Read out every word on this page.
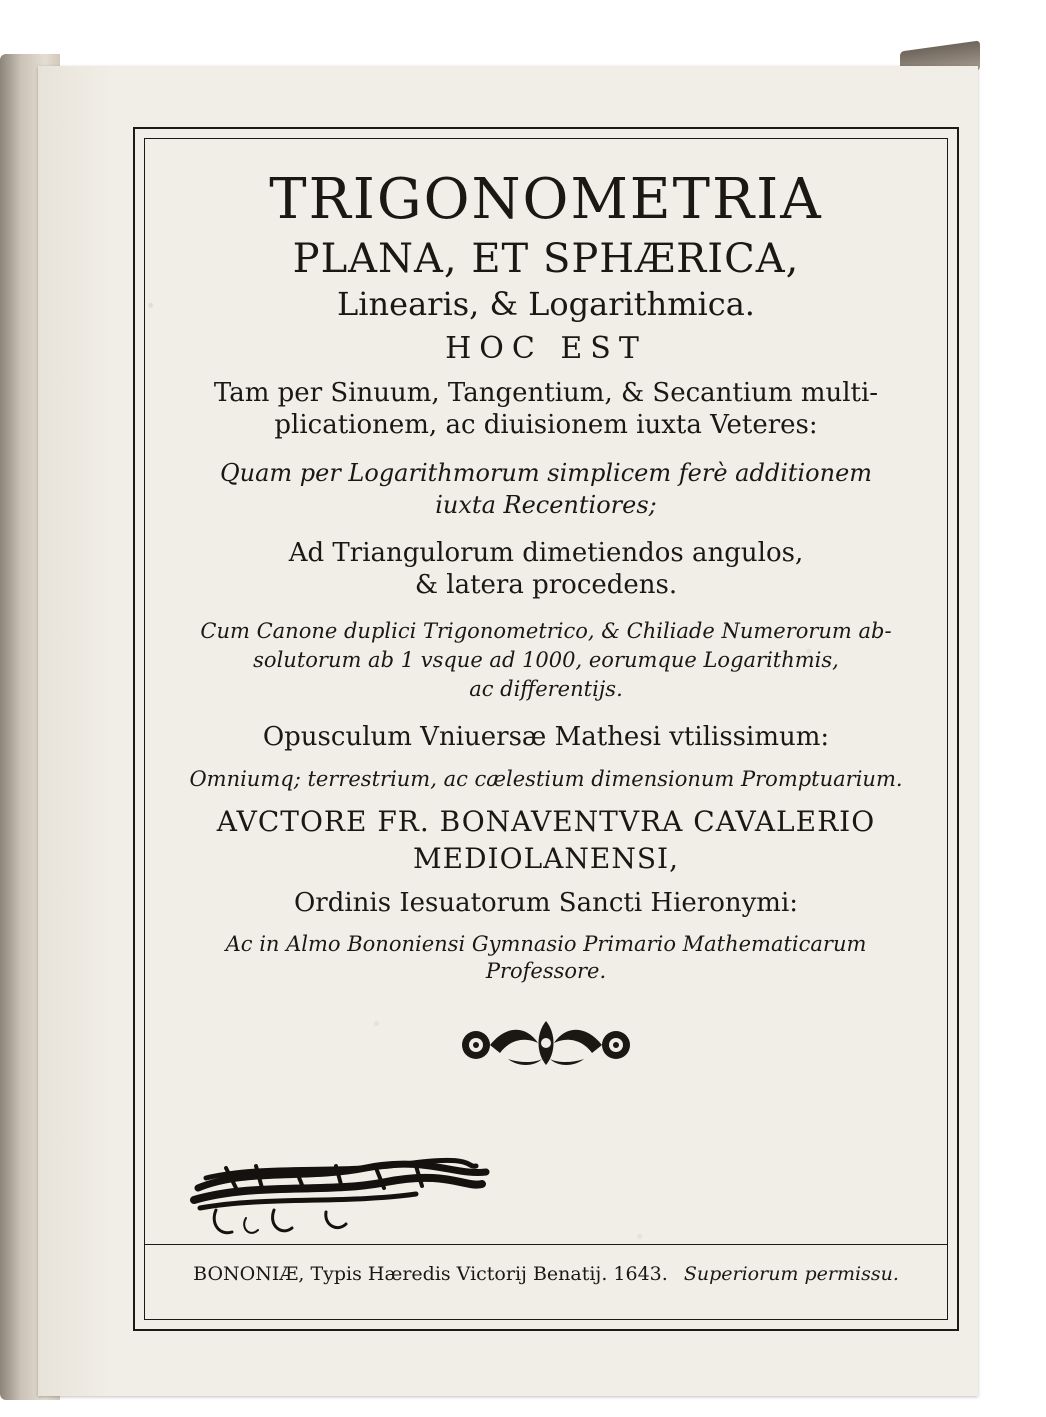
TRIGONOMETRIA
PLANA, ET SPHÆRICA,
Linearis, & Logarithmica.
HOC EST
Tam per Sinuum, Tangentium, & Secantium multi-
plicationem, ac diuisionem iuxta Veteres:
Quam per Logarithmorum simplicem ferè additionem
iuxta Recentiores;
Ad Triangulorum dimetiendos angulos,
& latera procedens.
Cum Canone duplici Trigonometrico, & Chiliade Numerorum ab-
solutorum ab 1 vsque ad 1000, eorumque Logarithmis,
ac differentijs.
Opusculum Vniuersæ Mathesi vtilissimum:
Omniumq; terrestrium, ac cælestium dimensionum Promptuarium.
AVCTORE FR. BONAVENTVRA CAVALERIO
MEDIOLANENSI,
Ordinis Iesuatorum Sancti Hieronymi:
Ac in Almo Bononiensi Gymnasio Primario Mathematicarum
Professore.
BONONIÆ, Typis Hæredis Victorij Benatij. 1643. Superiorum permissu.
